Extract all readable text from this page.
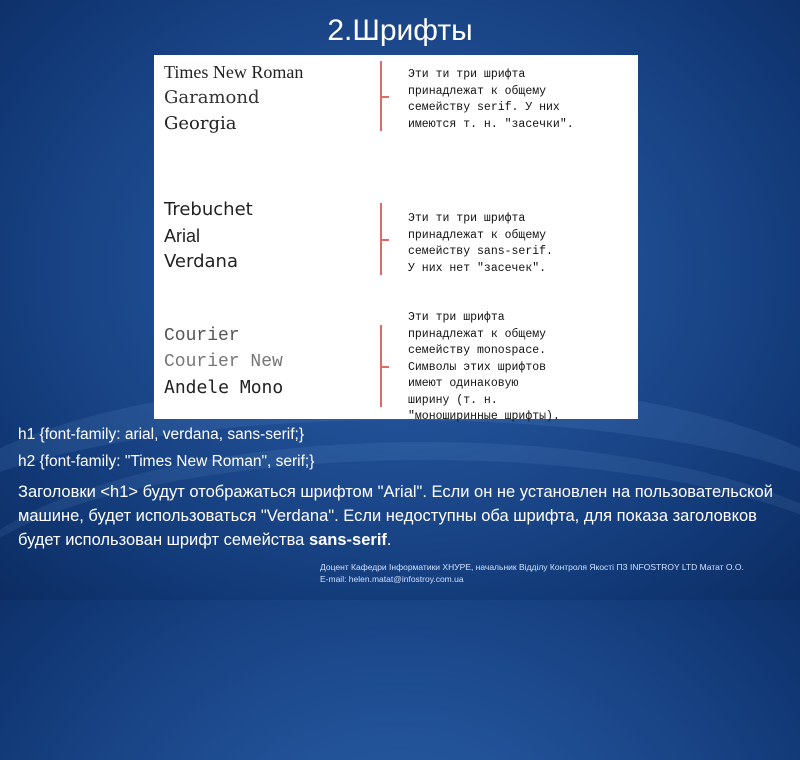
2.Шрифты
Times New Roman
Garamond
Georgia
Эти ти три шрифта
принадлежат к общему
семейству serif. У них
имеются т. н. "засечки".
Trebuchet
Arial
Verdana
Эти ти три шрифта
принадлежат к общему
семейству sans-serif.
У них нет "засечек".
Courier
Courier New
Andele Mono
Эти три шрифта
принадлежат к общему
семейству monospace.
Символы этих шрифтов
имеют одинаковую
ширину (т. н.
"моноширинные шрифты).
h1 {font-family: arial, verdana, sans-serif;}
h2 {font-family: "Times New Roman", serif;}
Заголовки <h1> будут отображаться шрифтом "Arial". Если он не установлен на пользовательской машине, будет использоваться "Verdana". Если недоступны оба шрифта, для показа заголовков будет использован шрифт семейства sans-serif.
Доцент Кафедри Інформатики ХНУРЕ, начальник Відділу Контроля Якості ПЗ INFOSTROY LTD Матат О.О.
E-mail: helen.matat@infostroy.com.ua
